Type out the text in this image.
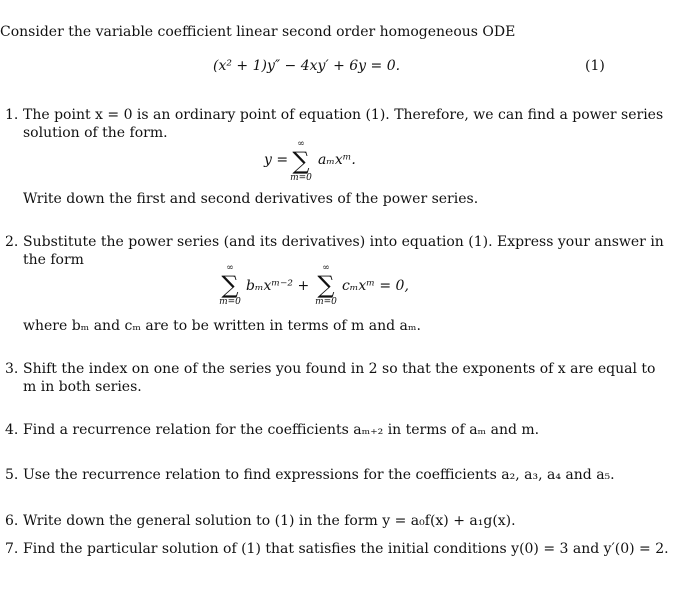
Consider the variable coefficient linear second order homogeneous ODE
(x² + 1)y″ − 4xy′ + 6y = 0.	(1)
1. The point x = 0 is an ordinary point of equation (1). Therefore, we can find a power series
solution of the form.
y =
∞
∑
m=0
aₘxᵐ.
Write down the first and second derivatives of the power series.
2. Substitute the power series (and its derivatives) into equation (1). Express your answer in
the form	∞
∑
m=0
bₘxᵐ⁻² +
∞
∑
m=0
cₘxᵐ = 0,
where bₘ and cₘ are to be written in terms of m and aₘ.
3. Shift the index on one of the series you found in 2 so that the exponents of x are equal to
m in both series.
4. Find a recurrence relation for the coefficients aₘ₊₂ in terms of aₘ and m.
5. Use the recurrence relation to find expressions for the coefficients a₂, a₃, a₄ and a₅.
6. Write down the general solution to (1) in the form y = a₀f(x) + a₁g(x).
7. Find the particular solution of (1) that satisfies the initial conditions y(0) = 3 and y′(0) = 2.
